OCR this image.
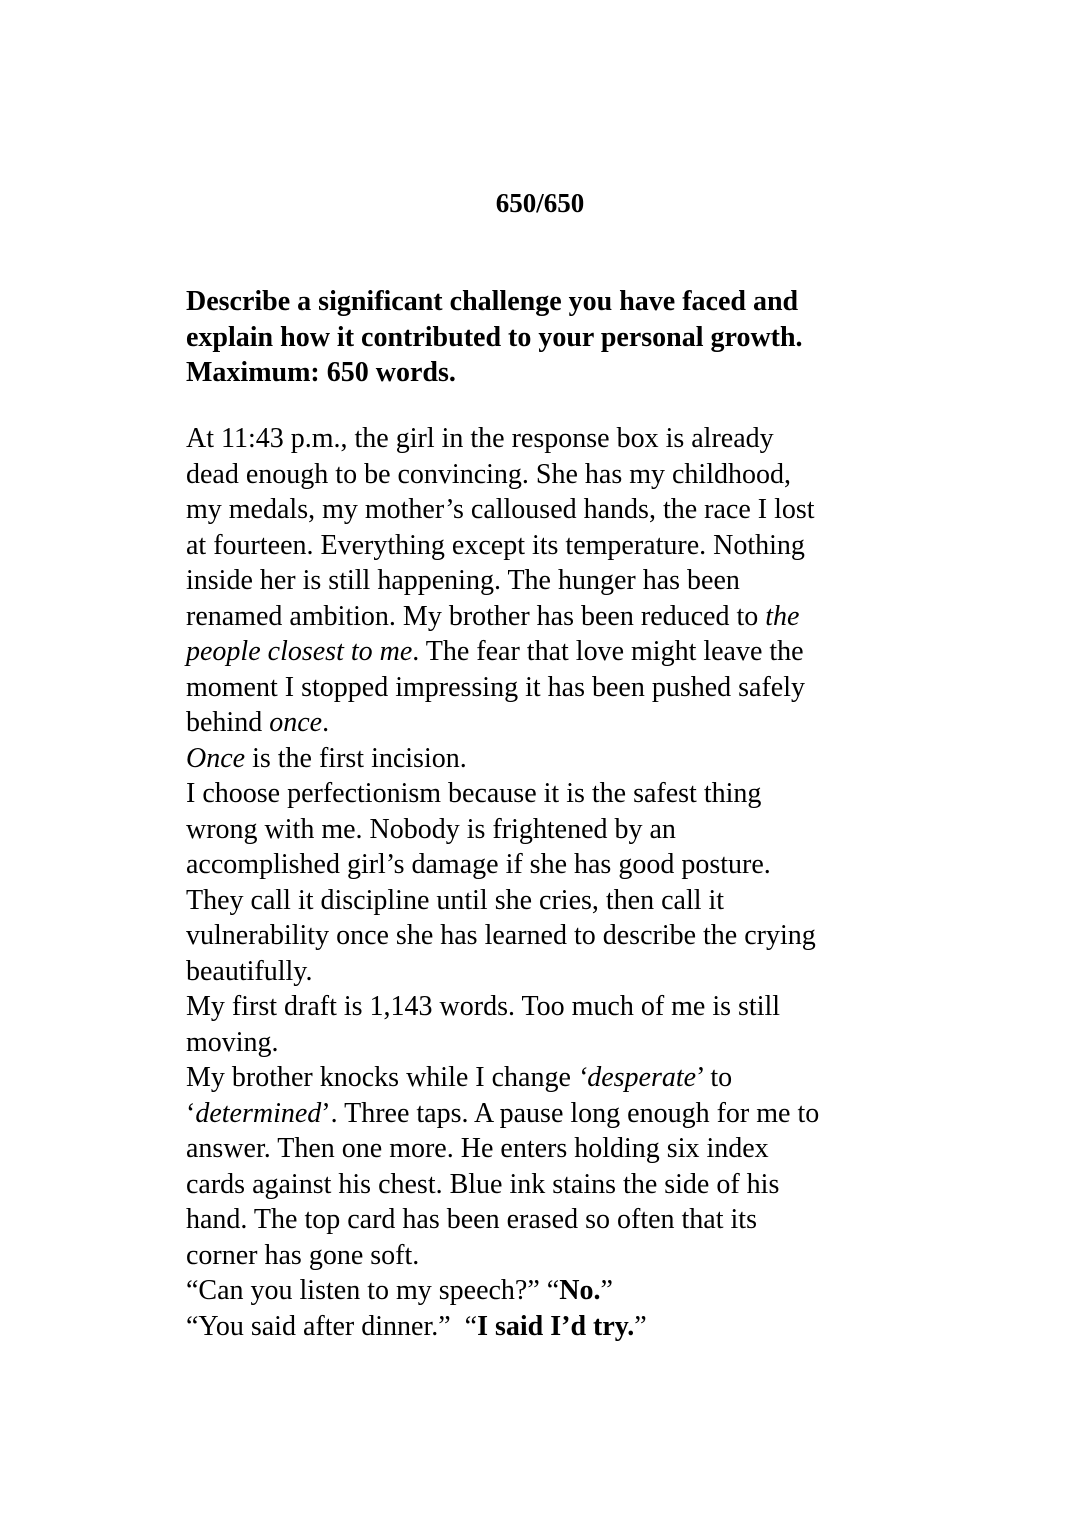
650/650
Describe a significant challenge you have faced and
explain how it contributed to your personal growth.
Maximum: 650 words.
At 11:43 p.m., the girl in the response box is already
dead enough to be convincing. She has my childhood,
my medals, my mother’s calloused hands, the race I lost
at fourteen. Everything except its temperature. Nothing
inside her is still happening. The hunger has been
renamed ambition. My brother has been reduced to the
people closest to me. The fear that love might leave the
moment I stopped impressing it has been pushed safely
behind once.
Once is the first incision.
I choose perfectionism because it is the safest thing
wrong with me. Nobody is frightened by an
accomplished girl’s damage if she has good posture.
They call it discipline until she cries, then call it
vulnerability once she has learned to describe the crying
beautifully.
My first draft is 1,143 words. Too much of me is still
moving.
My brother knocks while I change ‘desperate’ to
‘determined’. Three taps. A pause long enough for me to
answer. Then one more. He enters holding six index
cards against his chest. Blue ink stains the side of his
hand. The top card has been erased so often that its
corner has gone soft.
“Can you listen to my speech?” “No.”
“You said after dinner.”  “I said I’d try.”
